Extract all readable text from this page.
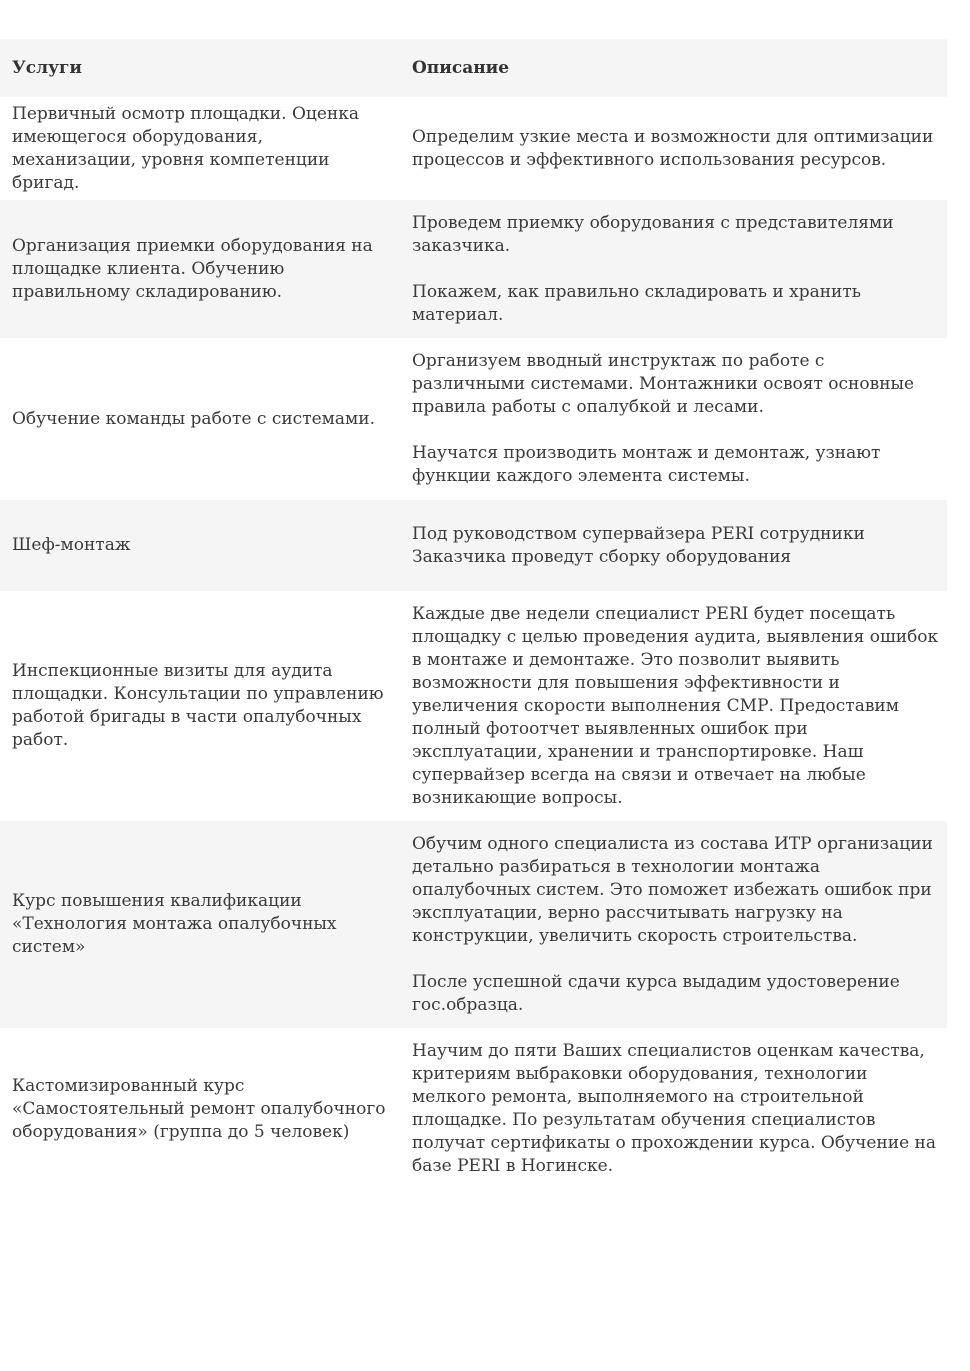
Услуги	Описание
Первичный осмотр площадки. Оценка имеющегося оборудования, механизации, уровня компетенции бригад.

Определим узкие места и возможности для оптимизации процессов и эффективного использования ресурсов.

Организация приемки оборудования на площадке клиента. Обучению правильному складированию.

Проведем приемку оборудования с представителями заказчика.

Покажем, как правильно складировать и хранить материал.

Обучение команды работе с системами.

Организуем вводный инструктаж по работе с различными системами. Монтажники освоят основные правила работы с опалубкой и лесами.

Научатся производить монтаж и демонтаж, узнают функции каждого элемента системы.

Шеф-монтаж

Под руководством супервайзера PERI сотрудники Заказчика проведут сборку оборудования

Инспекционные визиты для аудита площадки. Консультации по управлению работой бригады в части опалубочных работ.

Каждые две недели специалист PERI будет посещать площадку с целью проведения аудита, выявления ошибок в монтаже и демонтаже. Это позволит выявить возможности для повышения эффективности и увеличения скорости выполнения СМР. Предоставим полный фотоотчет выявленных ошибок при эксплуатации, хранении и транспортировке. Наш супервайзер всегда на связи и отвечает на любые возникающие вопросы.

Курс повышения квалификации «Технология монтажа опалубочных систем»

Обучим одного специалиста из состава ИТР организации детально разбираться в технологии монтажа опалубочных систем. Это поможет избежать ошибок при эксплуатации, верно рассчитывать нагрузку на конструкции, увеличить скорость строительства.

После успешной сдачи курса выдадим удостоверение гос.образца.

Кастомизированный курс «Самостоятельный ремонт опалубочного оборудования» (группа до 5 человек)

Научим до пяти Ваших специалистов оценкам качества, критериям выбраковки оборудования, технологии мелкого ремонта, выполняемого на строительной площадке. По результатам обучения специалистов получат сертификаты о прохождении курса. Обучение на базе PERI в Ногинске.
